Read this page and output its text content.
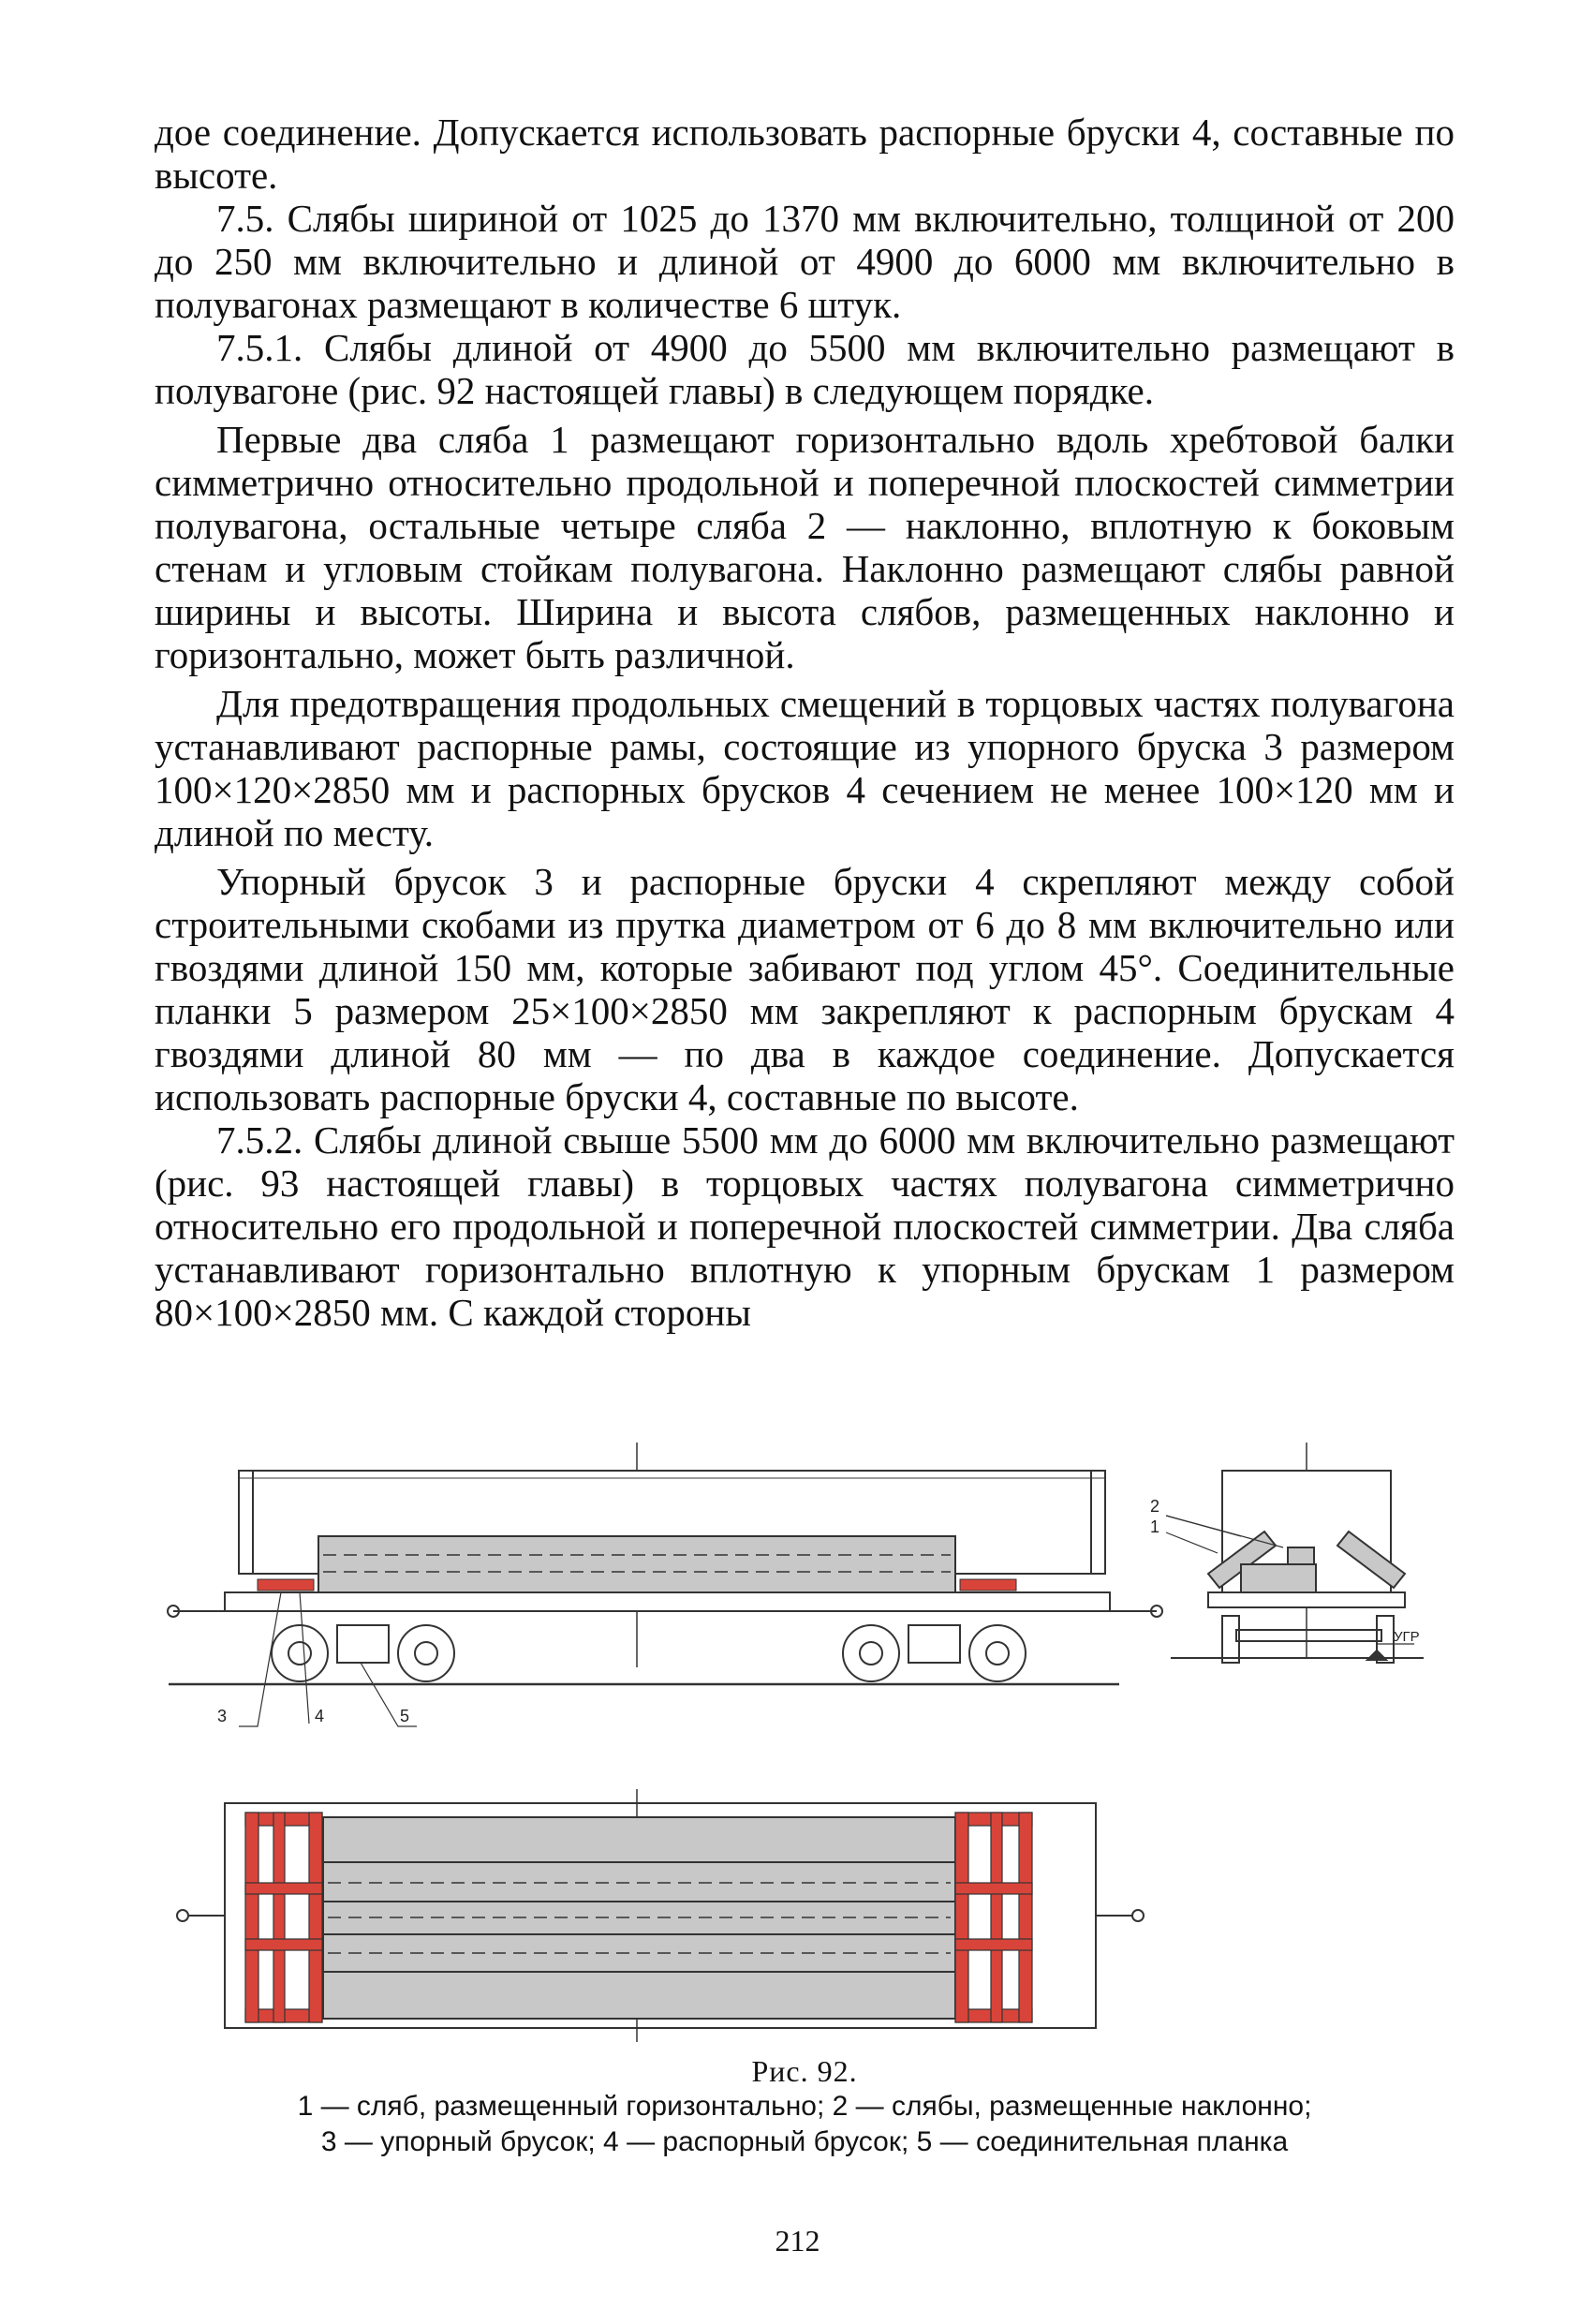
дое соединение. Допускается использовать распорные бруски 4, составные по высоте.

7.5. Слябы шириной от 1025 до 1370 мм включительно, толщиной от 200 до 250 мм включительно и длиной от 4900 до 6000 мм включительно в полувагонах размещают в количестве 6 штук.

7.5.1. Слябы длиной от 4900 до 5500 мм включительно размещают в полувагоне (рис. 92 настоящей главы) в следующем порядке.

Первые два сляба 1 размещают горизонтально вдоль хребтовой балки симметрично относительно продольной и поперечной плоскостей симметрии полувагона, остальные четыре сляба 2 — наклонно, вплотную к боковым стенам и угловым стойкам полувагона. Наклонно размещают слябы равной ширины и высоты. Ширина и высота слябов, размещенных наклонно и горизонтально, может быть различной.

Для предотвращения продольных смещений в торцовых частях полувагона устанавливают распорные рамы, состоящие из упорного бруска 3 размером 100×120×2850 мм и распорных брусков 4 сечением не менее 100×120 мм и длиной по месту.

Упорный брусок 3 и распорные бруски 4 скрепляют между собой строительными скобами из прутка диаметром от 6 до 8 мм включительно или гвоздями длиной 150 мм, которые забивают под углом 45°. Соединительные планки 5 размером 25×100×2850 мм закрепляют к распорным брускам 4 гвоздями длиной 80 мм — по два в каждое соединение. Допускается использовать распорные бруски 4, составные по высоте.

7.5.2. Слябы длиной свыше 5500 мм до 6000 мм включительно размещают (рис. 93 настоящей главы) в торцовых частях полувагона симметрично относительно его продольной и поперечной плоскостей симметрии. Два сляба устанавливают горизонтально вплотную к упорным брускам 1 размером 80×100×2850 мм. С каждой стороны

3	4	5
2
1
УГР
Рис. 92.
1 — сляб, размещенный горизонтально; 2 — слябы, размещенные наклонно;
3 — упорный брусок; 4 — распорный брусок; 5 — соединительная планка
212
